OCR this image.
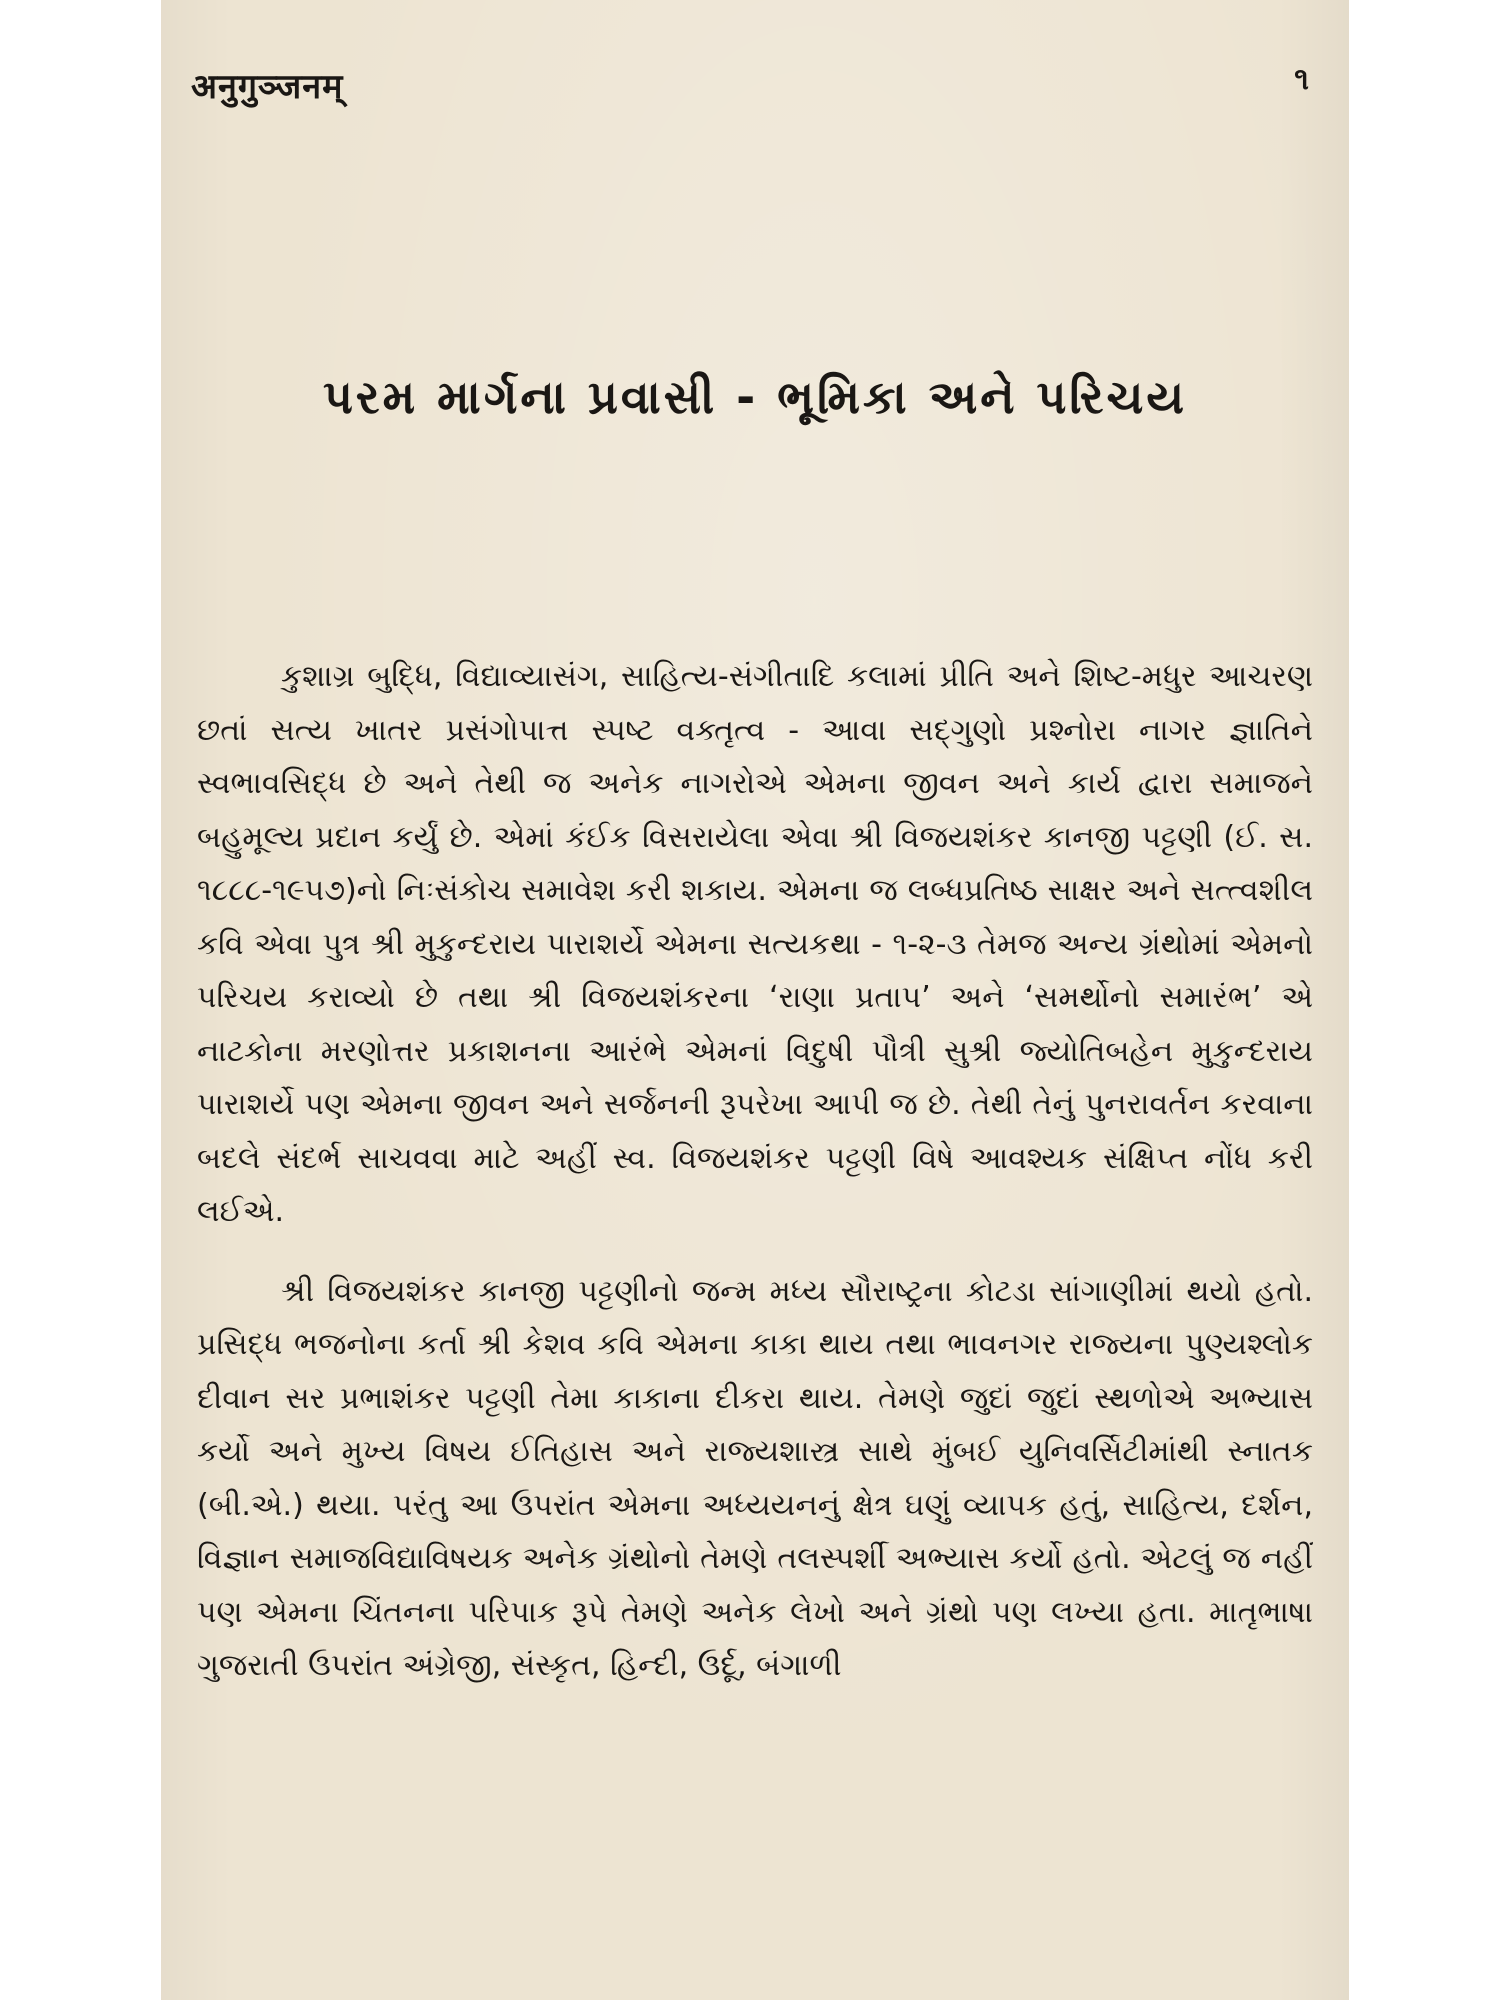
अनुगुञ्जनम्	૧
પરમ માર્ગના પ્રવાસી - ભૂમિકા અને પરિચય

કુશાગ્ર બુદ્ધિ, વિદ્યાવ્યાસંગ, સાહિત્ય-સંગીતાદિ કલામાં પ્રીતિ અને શિષ્ટ-મધુર આચરણ છતાં સત્ય ખાતર પ્રસંગોપાત્ત સ્પષ્ટ વક્તૃત્વ - આવા સદ્‌ગુણો પ્રશ્નોરા નાગર જ્ઞાતિને સ્વભાવસિદ્ધ છે અને તેથી જ અનેક નાગરોએ એમના જીવન અને કાર્ય દ્વારા સમાજને બહુમૂલ્ય પ્રદાન કર્યું છે. એમાં કંઈક વિસરાયેલા એવા શ્રી વિજયશંકર કાનજી પટ્ટણી (ઈ. સ. ૧૮૮૮-૧૯૫૭)નો નિઃસંકોચ સમાવેશ કરી શકાય. એમના જ લબ્ધપ્રતિષ્ઠ સાક્ષર અને સત્ત્વશીલ કવિ એવા પુત્ર શ્રી મુકુન્દરાય પારાશર્યે એમના સત્યકથા - ૧-૨-૩ તેમજ અન્ય ગ્રંથોમાં એમનો પરિચય કરાવ્યો છે તથા શ્રી વિજયશંકરના ‘રાણા પ્રતાપ’ અને ‘સમર્થોનો સમારંભ’ એ નાટકોના મરણોત્તર પ્રકાશનના આરંભે એમનાં વિદુષી પૌત્રી સુશ્રી જ્યોતિબહેન મુકુન્દરાય પારાશર્યે પણ એમના જીવન અને સર્જનની રૂપરેખા આપી જ છે. તેથી તેનું પુનરાવર્તન કરવાના બદલે સંદર્ભ સાચવવા માટે અહીં સ્વ. વિજયશંકર પટ્ટણી વિષે આવશ્યક સંક્ષિપ્ત નોંધ કરી લઈએ.

શ્રી વિજયશંકર કાનજી પટ્ટણીનો જન્મ મધ્ય સૌરાષ્ટ્રના કોટડા સાંગાણીમાં થયો હતો. પ્રસિદ્ધ ભજનોના કર્તા શ્રી કેશવ કવિ એમના કાકા થાય તથા ભાવનગર રાજ્યના પુણ્યશ્લોક દીવાન સર પ્રભાશંકર પટ્ટણી તેમા કાકાના દીકરા થાય. તેમણે જુદાં જુદાં સ્થળોએ અભ્યાસ કર્યો અને મુખ્ય વિષય ઈતિહાસ અને રાજ્યશાસ્ત્ર સાથે મુંબઈ યુનિવર્સિટીમાંથી સ્નાતક (બી.એ.) થયા. પરંતુ આ ઉપરાંત એમના અધ્યયનનું ક્ષેત્ર ઘણું વ્યાપક હતું, સાહિત્ય, દર્શન, વિજ્ઞાન સમાજવિદ્યાવિષયક અનેક ગ્રંથોનો તેમણે તલસ્પર્શી અભ્યાસ કર્યો હતો. એટલું જ નહીં પણ એમના ચિંતનના પરિપાક રૂપે તેમણે અનેક લેખો અને ગ્રંથો પણ લખ્યા હતા. માતૃભાષા ગુજરાતી ઉપરાંત અંગ્રેજી, સંસ્કૃત, હિન્દી, ઉર્દૂ, બંગાળી
